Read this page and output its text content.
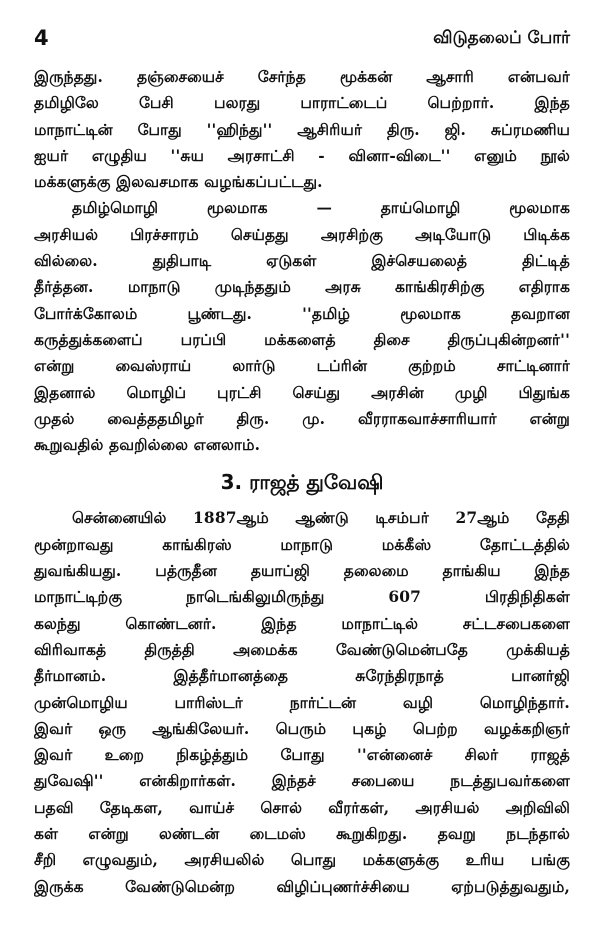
4	விடுதலைப் போர்

இருந்தது. தஞ்சையைச் சேர்ந்த மூக்கன் ஆசாரி என்பவர்
தமிழிலே பேசி பலரது பாராட்டைப் பெற்றார். இந்த
மாநாட்டின் போது ''ஹிந்து'' ஆசிரியர் திரு. ஜி. சுப்ரமணிய
ஐயர் எழுதிய ''சுய அரசாட்சி - வினா-விடை'' எனும் நூல்
மக்களுக்கு இலவசமாக வழங்கப்பட்டது.

தமிழ்மொழி மூலமாக — தாய்மொழி மூலமாக
அரசியல் பிரச்சாரம் செய்தது அரசிற்கு அடியோடு பிடிக்க
வில்லை. துதிபாடி ஏடுகள் இச்செயலைத் திட்டித்
தீர்த்தன. மாநாடு முடிந்ததும் அரசு காங்கிரசிற்கு எதிராக
போர்க்கோலம் பூண்டது. ''தமிழ் மூலமாக தவறான
கருத்துக்களைப் பரப்பி மக்களைத் திசை திருப்புகின்றனர்''
என்று வைஸ்ராய் லார்டு டப்ரின் குற்றம் சாட்டினார்
இதனால் மொழிப் புரட்சி செய்து அரசின் முழி பிதுங்க
முதல் வைத்ததமிழர் திரு. மு. வீரராகவாச்சாரியார் என்று
கூறுவதில் தவறில்லை எனலாம்.

3. ராஜத் துவேஷி

சென்னையில் 1887ஆம் ஆண்டு டிசம்பர் 27ஆம் தேதி
மூன்றாவது காங்கிரஸ் மாநாடு மக்கீஸ் தோட்டத்தில்
துவங்கியது. பத்ருதீன தயாப்ஜி தலைமை தாங்கிய இந்த
மாநாட்டிற்கு நாடெங்கிலுமிருந்து 607 பிரதிநிதிகள்
கலந்து கொண்டனர். இந்த மாநாட்டில் சட்டசபைகளை
விரிவாகத் திருத்தி அமைக்க வேண்டுமென்பதே முக்கியத்
தீர்மானம். இத்தீர்மானத்தை சுரேந்திரநாத் பானர்ஜி
முன்மொழிய பாரிஸ்டர் நார்ட்டன் வழி மொழிந்தார்.
இவர் ஒரு ஆங்கிலேயர். பெரும் புகழ் பெற்ற வழக்கறிஞர்
இவர் உறை நிகழ்த்தும் போது ''என்னைச் சிலர் ராஜத்
துவேஷி'' என்கிறார்கள். இந்தச் சபையை நடத்துபவர்களை
பதவி தேடிகள, வாய்ச் சொல் வீரர்கள், அரசியல் அறிவிலி
கள் என்று லண்டன் டைமஸ் கூறுகிறது. தவறு நடந்தால்
சீறி எழுவதும், அரசியலில் பொது மக்களுக்கு உரிய பங்கு
இருக்க வேண்டுமென்ற விழிப்புணர்ச்சியை ஏற்படுத்துவதும்,
